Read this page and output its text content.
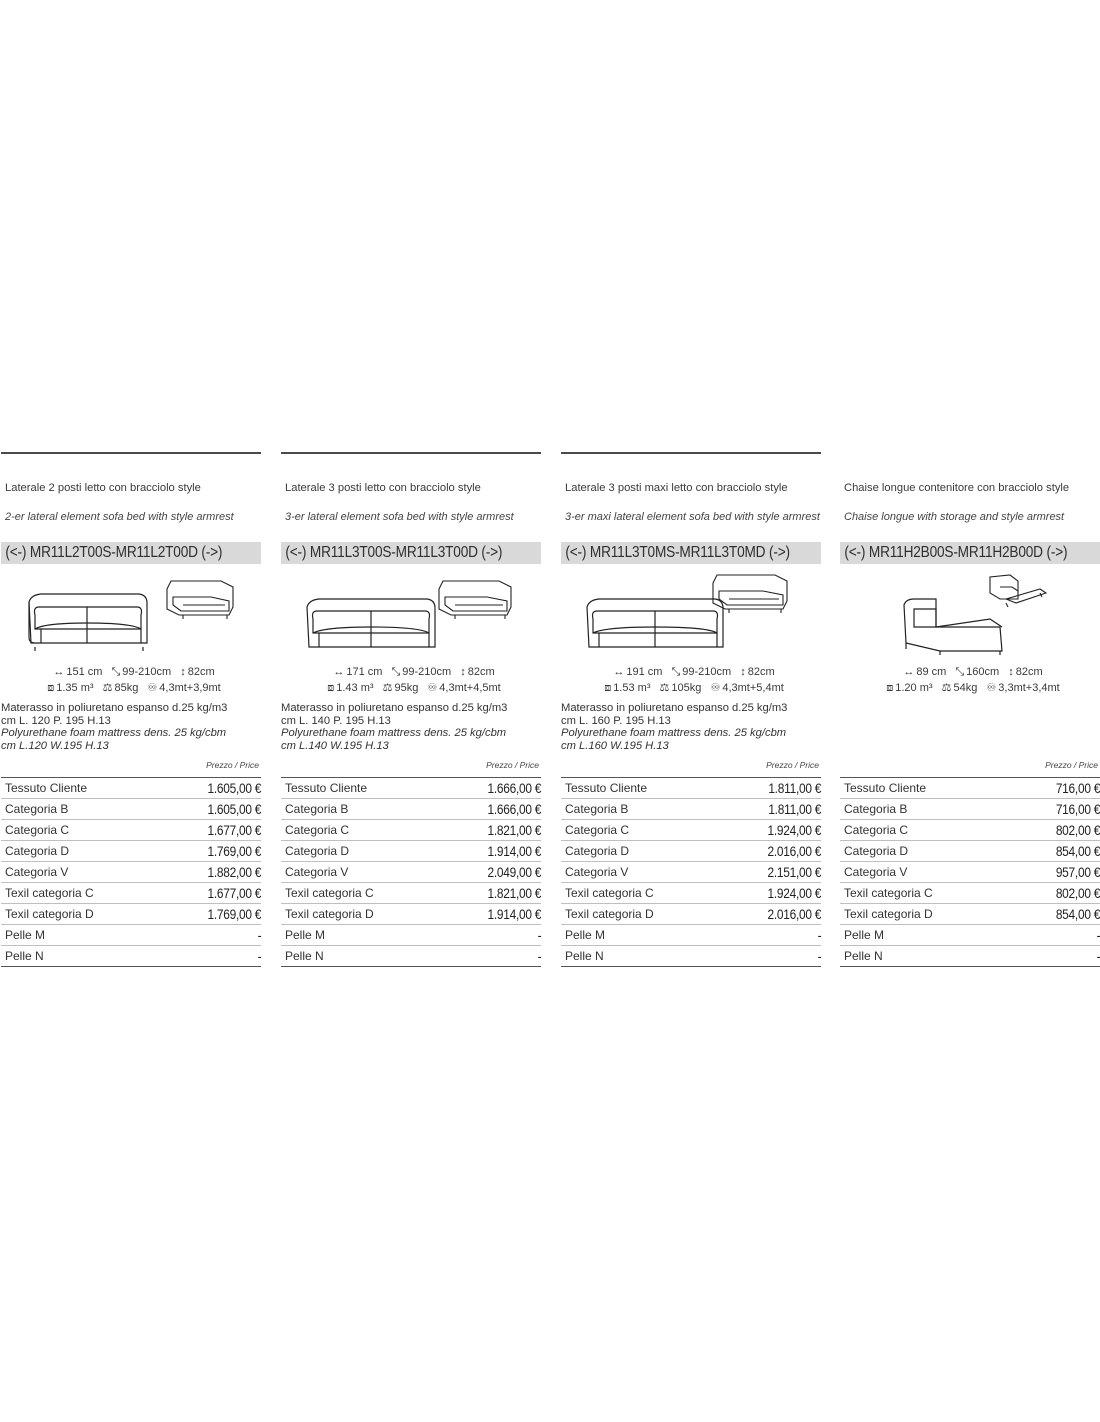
Laterale 2 posti letto con bracciolo style
2-er lateral element sofa bed with style armrest
(<-) MR11L2T00S-MR11L2T00D (->)
↔ 151 cm ⤡ 99-210cm ↕ 82cm
⧈ 1.35 m³ ⚖ 85kg ♾ 4,3mt+3,9mt
Materasso in poliuretano espanso d.25 kg/m3
cm L. 120 P. 195 H.13
Polyurethane foam mattress dens. 25 kg/cbm
cm L.120 W.195 H.13
Prezzo / Price
Tessuto Cliente	1.605,00 €
Categoria B	1.605,00 €
Categoria C	1.677,00 €
Categoria D	1.769,00 €
Categoria V	1.882,00 €
Texil categoria C	1.677,00 €
Texil categoria D	1.769,00 €
Pelle M	-
Pelle N	-
Laterale 3 posti letto con bracciolo style
3-er lateral element sofa bed with style armrest
(<-) MR11L3T00S-MR11L3T00D (->)
↔ 171 cm ⤡ 99-210cm ↕ 82cm
⧈ 1.43 m³ ⚖ 95kg ♾ 4,3mt+4,5mt
Materasso in poliuretano espanso d.25 kg/m3
cm L. 140 P. 195 H.13
Polyurethane foam mattress dens. 25 kg/cbm
cm L.140 W.195 H.13
Prezzo / Price
Tessuto Cliente	1.666,00 €
Categoria B	1.666,00 €
Categoria C	1.821,00 €
Categoria D	1.914,00 €
Categoria V	2.049,00 €
Texil categoria C	1.821,00 €
Texil categoria D	1.914,00 €
Pelle M	-
Pelle N	-
Laterale 3 posti maxi letto con bracciolo style
3-er maxi lateral element sofa bed with style armrest
(<-) MR11L3T0MS-MR11L3T0MD (->)
↔ 191 cm ⤡ 99-210cm ↕ 82cm
⧈ 1.53 m³ ⚖ 105kg ♾ 4,3mt+5,4mt
Materasso in poliuretano espanso d.25 kg/m3
cm L. 160 P. 195 H.13
Polyurethane foam mattress dens. 25 kg/cbm
cm L.160 W.195 H.13
Prezzo / Price
Tessuto Cliente	1.811,00 €
Categoria B	1.811,00 €
Categoria C	1.924,00 €
Categoria D	2.016,00 €
Categoria V	2.151,00 €
Texil categoria C	1.924,00 €
Texil categoria D	2.016,00 €
Pelle M	-
Pelle N	-
Chaise longue contenitore con bracciolo style
Chaise longue with storage and style armrest
(<-) MR11H2B00S-MR11H2B00D (->)
↔ 89 cm ⤡ 160cm ↕ 82cm
⧈ 1.20 m³ ⚖ 54kg ♾ 3,3mt+3,4mt
Prezzo / Price
Tessuto Cliente	716,00 €
Categoria B	716,00 €
Categoria C	802,00 €
Categoria D	854,00 €
Categoria V	957,00 €
Texil categoria C	802,00 €
Texil categoria D	854,00 €
Pelle M	-
Pelle N	-
